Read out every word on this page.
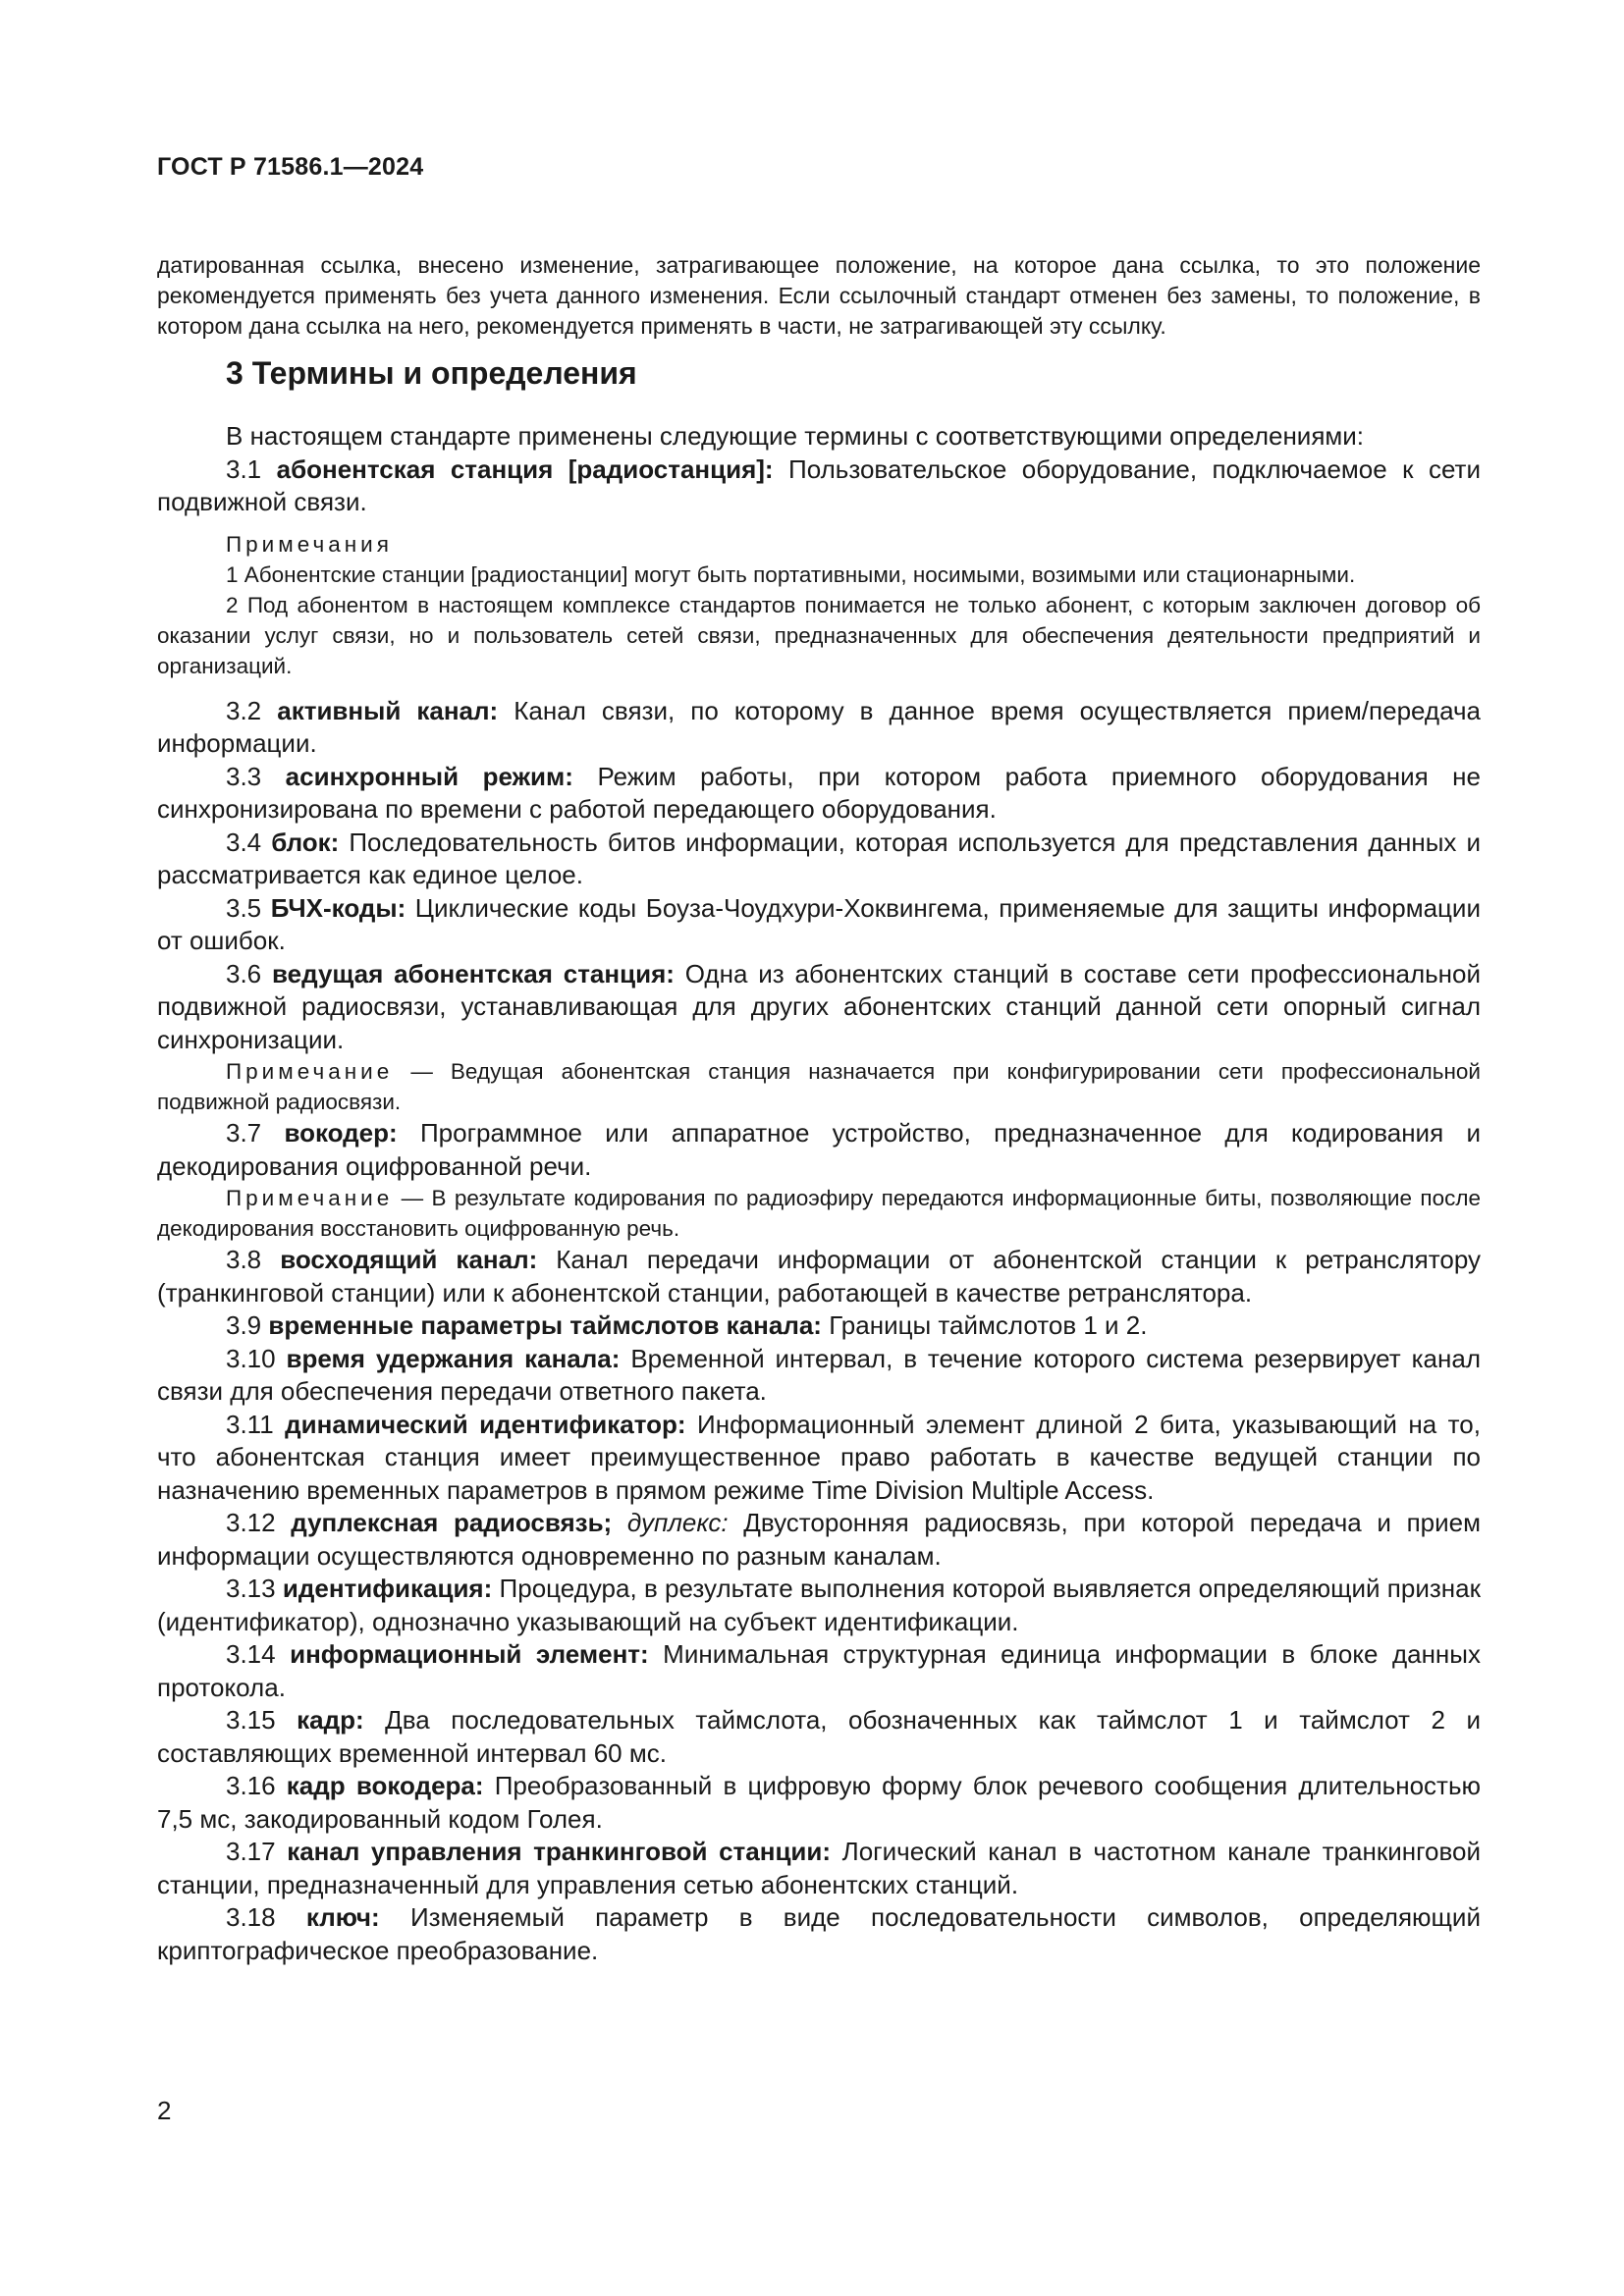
ГОСТ Р 71586.1—2024

датированная ссылка, внесено изменение, затрагивающее положение, на которое дана ссылка, то это положение рекомендуется применять без учета данного изменения. Если ссылочный стандарт отменен без замены, то положение, в котором дана ссылка на него, рекомендуется применять в части, не затрагивающей эту ссылку.

3 Термины и определения

В настоящем стандарте применены следующие термины с соответствующими определениями:

3.1 абонентская станция [радиостанция]: Пользовательское оборудование, подключаемое к сети подвижной связи.

Примечания

1 Абонентские станции [радиостанции] могут быть портативными, носимыми, возимыми или стационарными.

2 Под абонентом в настоящем комплексе стандартов понимается не только абонент, с которым заключен договор об оказании услуг связи, но и пользователь сетей связи, предназначенных для обеспечения деятельности предприятий и организаций.

3.2 активный канал: Канал связи, по которому в данное время осуществляется прием/передача информации.

3.3 асинхронный режим: Режим работы, при котором работа приемного оборудования не синхронизирована по времени с работой передающего оборудования.

3.4 блок: Последовательность битов информации, которая используется для представления данных и рассматривается как единое целое.

3.5 БЧХ-коды: Циклические коды Боуза-Чоудхури-Хоквингема, применяемые для защиты информации от ошибок.

3.6 ведущая абонентская станция: Одна из абонентских станций в составе сети профессиональной подвижной радиосвязи, устанавливающая для других абонентских станций данной сети опорный сигнал синхронизации.

Примечание — Ведущая абонентская станция назначается при конфигурировании сети профессиональной подвижной радиосвязи.

3.7 вокодер: Программное или аппаратное устройство, предназначенное для кодирования и декодирования оцифрованной речи.

Примечание — В результате кодирования по радиоэфиру передаются информационные биты, позволяющие после декодирования восстановить оцифрованную речь.

3.8 восходящий канал: Канал передачи информации от абонентской станции к ретранслятору (транкинговой станции) или к абонентской станции, работающей в качестве ретранслятора.

3.9 временные параметры таймслотов канала: Границы таймслотов 1 и 2.

3.10 время удержания канала: Временной интервал, в течение которого система резервирует канал связи для обеспечения передачи ответного пакета.

3.11 динамический идентификатор: Информационный элемент длиной 2 бита, указывающий на то, что абонентская станция имеет преимущественное право работать в качестве ведущей станции по назначению временных параметров в прямом режиме Time Division Multiple Access.

3.12 дуплексная радиосвязь; дуплекс: Двусторонняя радиосвязь, при которой передача и прием информации осуществляются одновременно по разным каналам.

3.13 идентификация: Процедура, в результате выполнения которой выявляется определяющий признак (идентификатор), однозначно указывающий на субъект идентификации.

3.14 информационный элемент: Минимальная структурная единица информации в блоке данных протокола.

3.15 кадр: Два последовательных таймслота, обозначенных как таймслот 1 и таймслот 2 и составляющих временной интервал 60 мс.

3.16 кадр вокодера: Преобразованный в цифровую форму блок речевого сообщения длительностью 7,5 мс, закодированный кодом Голея.

3.17 канал управления транкинговой станции: Логический канал в частотном канале транкинговой станции, предназначенный для управления сетью абонентских станций.

3.18 ключ: Изменяемый параметр в виде последовательности символов, определяющий криптографическое преобразование.

2
